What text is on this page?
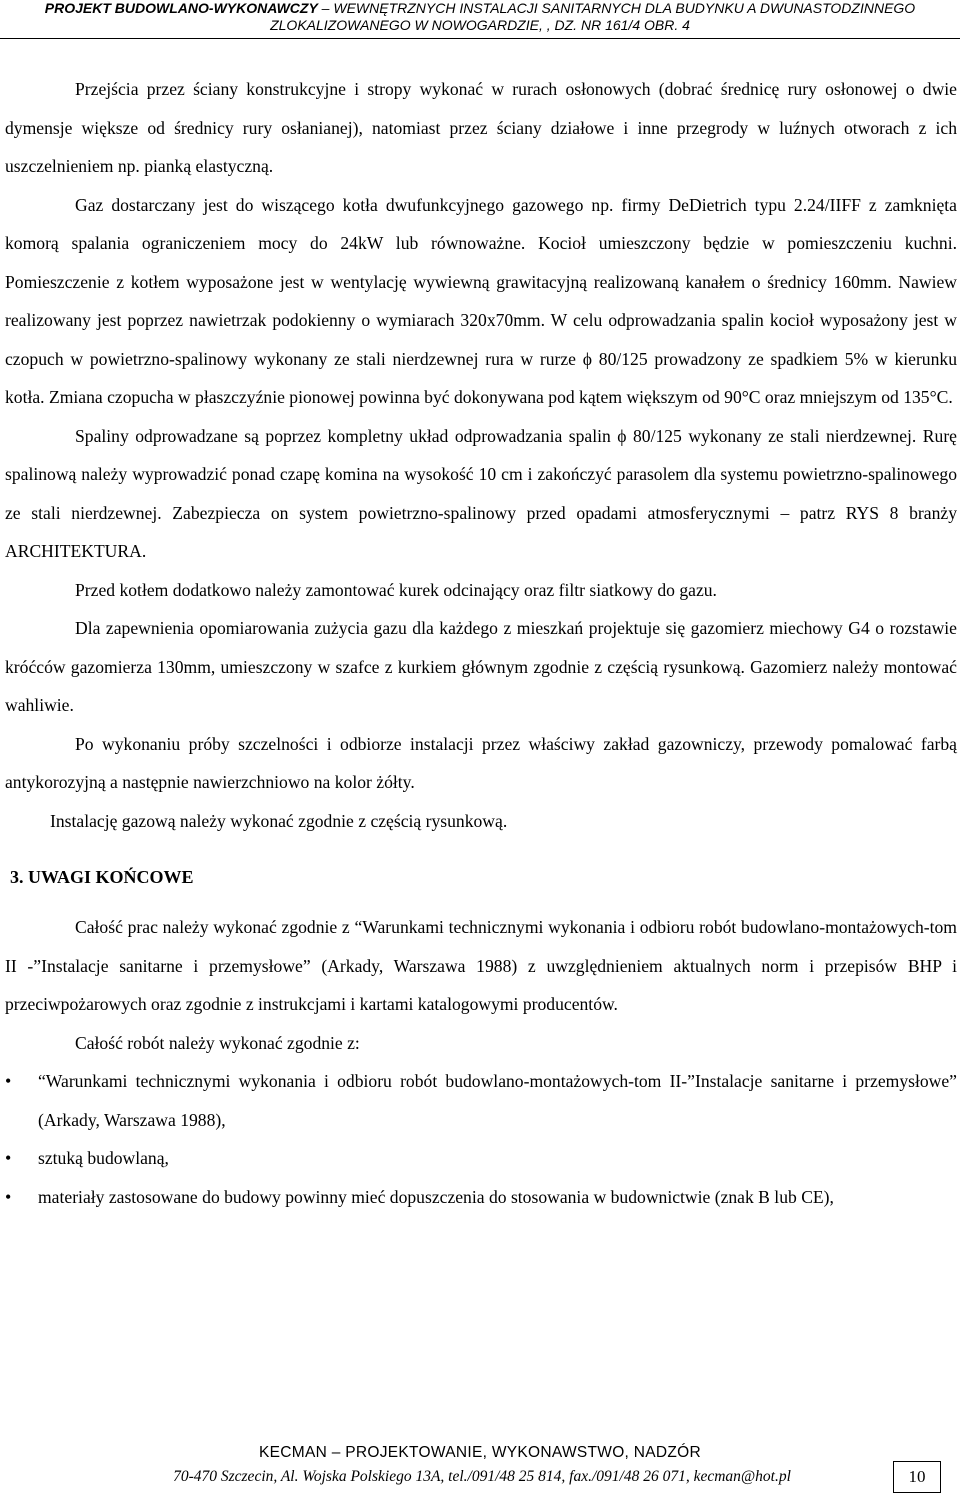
PROJEKT BUDOWLANO-WYKONAWCZY – WEWNĘTRZNYCH INSTALACJI SANITARNYCH DLA BUDYNKU A DWUNASTODZINNEGO
ZLOKALIZOWANEGO W NOWOGARDZIE, , DZ. NR 161/4 OBR. 4

Przejścia przez ściany konstrukcyjne i stropy wykonać w rurach osłonowych (dobrać średnicę rury osłonowej o dwie dymensje większe od średnicy rury osłanianej), natomiast przez ściany działowe i inne przegrody w luźnych otworach z ich uszczelnieniem np. pianką elastyczną.

Gaz dostarczany jest do wiszącego kotła dwufunkcyjnego gazowego np. firmy DeDietrich typu 2.24/IIFF z zamknięta komorą spalania ograniczeniem mocy do 24kW lub równoważne. Kocioł umieszczony będzie w pomieszczeniu kuchni. Pomieszczenie z kotłem wyposażone jest w wentylację wywiewną grawitacyjną realizowaną kanałem o średnicy 160mm. Nawiew realizowany jest poprzez nawietrzak podokienny o wymiarach 320x70mm. W celu odprowadzania spalin kocioł wyposażony jest w czopuch w powietrzno-spalinowy wykonany ze stali nierdzewnej rura w rurze ϕ 80/125 prowadzony ze spadkiem 5% w kierunku kotła. Zmiana czopucha w płaszczyźnie pionowej powinna być dokonywana pod kątem większym od 90°C oraz mniejszym od 135°C.

Spaliny odprowadzane są poprzez kompletny układ odprowadzania spalin ϕ 80/125 wykonany ze stali nierdzewnej. Rurę spalinową należy wyprowadzić ponad czapę komina na wysokość 10 cm i zakończyć parasolem dla systemu powietrzno-spalinowego ze stali nierdzewnej. Zabezpiecza on system powietrzno-spalinowy przed opadami atmosferycznymi – patrz RYS 8 branży ARCHITEKTURA.

Przed kotłem dodatkowo należy zamontować kurek odcinający oraz filtr siatkowy do gazu.

Dla zapewnienia opomiarowania zużycia gazu dla każdego z mieszkań projektuje się gazomierz miechowy G4 o rozstawie króćców gazomierza 130mm, umieszczony w szafce z kurkiem głównym zgodnie z częścią rysunkową. Gazomierz należy montować wahliwie.

Po wykonaniu próby szczelności i odbiorze instalacji przez właściwy zakład gazowniczy, przewody pomalować farbą antykorozyjną a następnie nawierzchniowo na kolor żółty.

Instalację gazową należy wykonać zgodnie z częścią rysunkową.

3. UWAGI KOŃCOWE

Całość prac należy wykonać zgodnie z “Warunkami technicznymi wykonania i odbioru robót budowlano-montażowych-tom II -”Instalacje sanitarne i przemysłowe” (Arkady, Warszawa 1988) z uwzględnieniem aktualnych norm i przepisów BHP i przeciwpożarowych oraz zgodnie z instrukcjami i kartami katalogowymi producentów.

Całość robót należy wykonać zgodnie z:

• “Warunkami technicznymi wykonania i odbioru robót budowlano-montażowych-tom II-”Instalacje sanitarne i przemysłowe” (Arkady, Warszawa 1988),
• sztuką budowlaną,
• materiały zastosowane do budowy powinny mieć dopuszczenia do stosowania w budownictwie (znak B lub CE),
KECMAN – PROJEKTOWANIE, WYKONAWSTWO, NADZÓR
70-470 Szczecin, Al. Wojska Polskiego 13A, tel./091/48 25 814, fax./091/48 26 071, kecman@hot.pl	10
